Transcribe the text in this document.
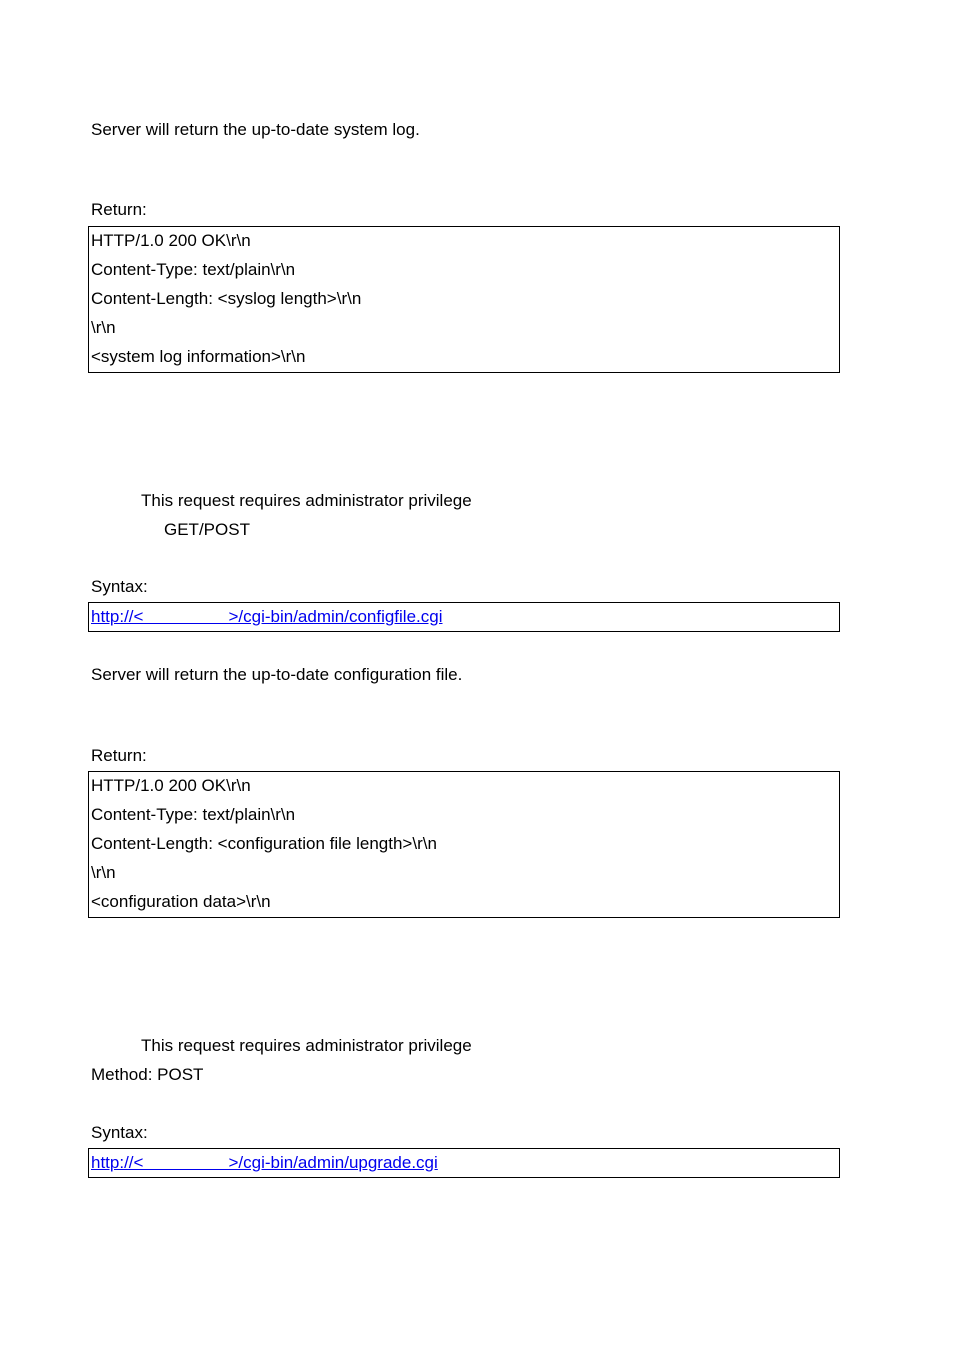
Server will return the up-to-date system log.
Return:
HTTP/1.0 200 OK\r\n
Content-Type: text/plain\r\n
Content-Length: <syslog length>\r\n
\r\n
<system log information>\r\n
This request requires administrator privilege
GET/POST
Syntax:
http://<                  >/cgi-bin/admin/configfile.cgi
Server will return the up-to-date configuration file.
Return:
HTTP/1.0 200 OK\r\n
Content-Type: text/plain\r\n
Content-Length: <configuration file length>\r\n
\r\n
<configuration data>\r\n
This request requires administrator privilege
Method: POST
Syntax:
http://<                  >/cgi-bin/admin/upgrade.cgi
